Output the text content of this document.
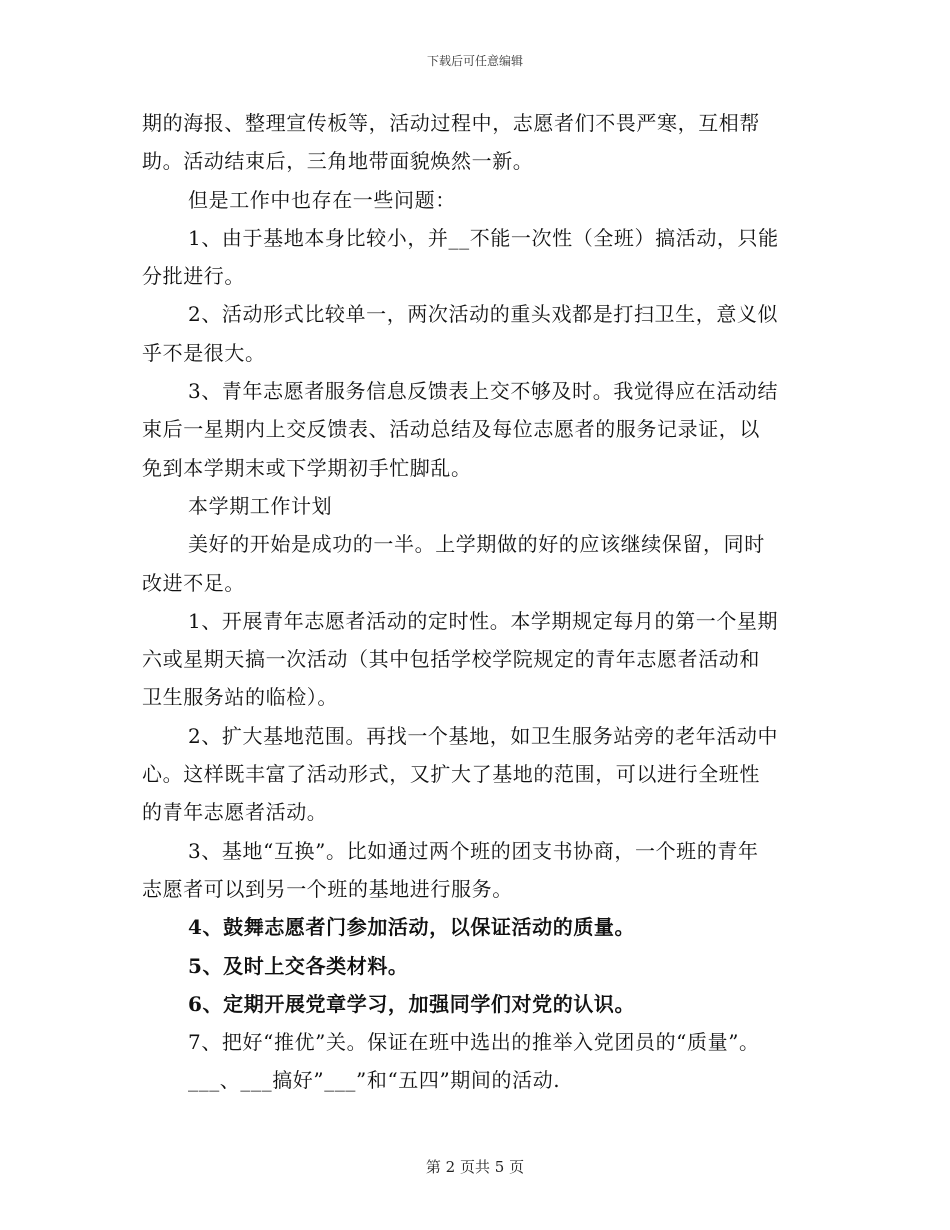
下载后可任意编辑
期的海报、整理宣传板等，活动过程中，志愿者们不畏严寒，互相帮
助。活动结束后，三角地带面貌焕然一新。
但是工作中也存在一些问题：
1、由于基地本身比较小，并__不能一次性（全班）搞活动，只能
分批进行。
2、活动形式比较单一，两次活动的重头戏都是打扫卫生，意义似
乎不是很大。
3、青年志愿者服务信息反馈表上交不够及时。我觉得应在活动结
束后一星期内上交反馈表、活动总结及每位志愿者的服务记录证，以
免到本学期末或下学期初手忙脚乱。
本学期工作计划
美好的开始是成功的一半。上学期做的好的应该继续保留，同时
改进不足。
1、开展青年志愿者活动的定时性。本学期规定每月的第一个星期
六或星期天搞一次活动（其中包括学校学院规定的青年志愿者活动和
卫生服务站的临检）。
2、扩大基地范围。再找一个基地，如卫生服务站旁的老年活动中
心。这样既丰富了活动形式，又扩大了基地的范围，可以进行全班性
的青年志愿者活动。
3、基地“互换”。比如通过两个班的团支书协商，一个班的青年
志愿者可以到另一个班的基地进行服务。
4、鼓舞志愿者门参加活动，以保证活动的质量。
5、及时上交各类材料。
6、定期开展党章学习，加强同学们对党的认识。
7、把好“推优”关。保证在班中选出的推举入党团员的“质量”。
___、___搞好”___”和“五四”期间的活动.
第 2 页共 5 页
